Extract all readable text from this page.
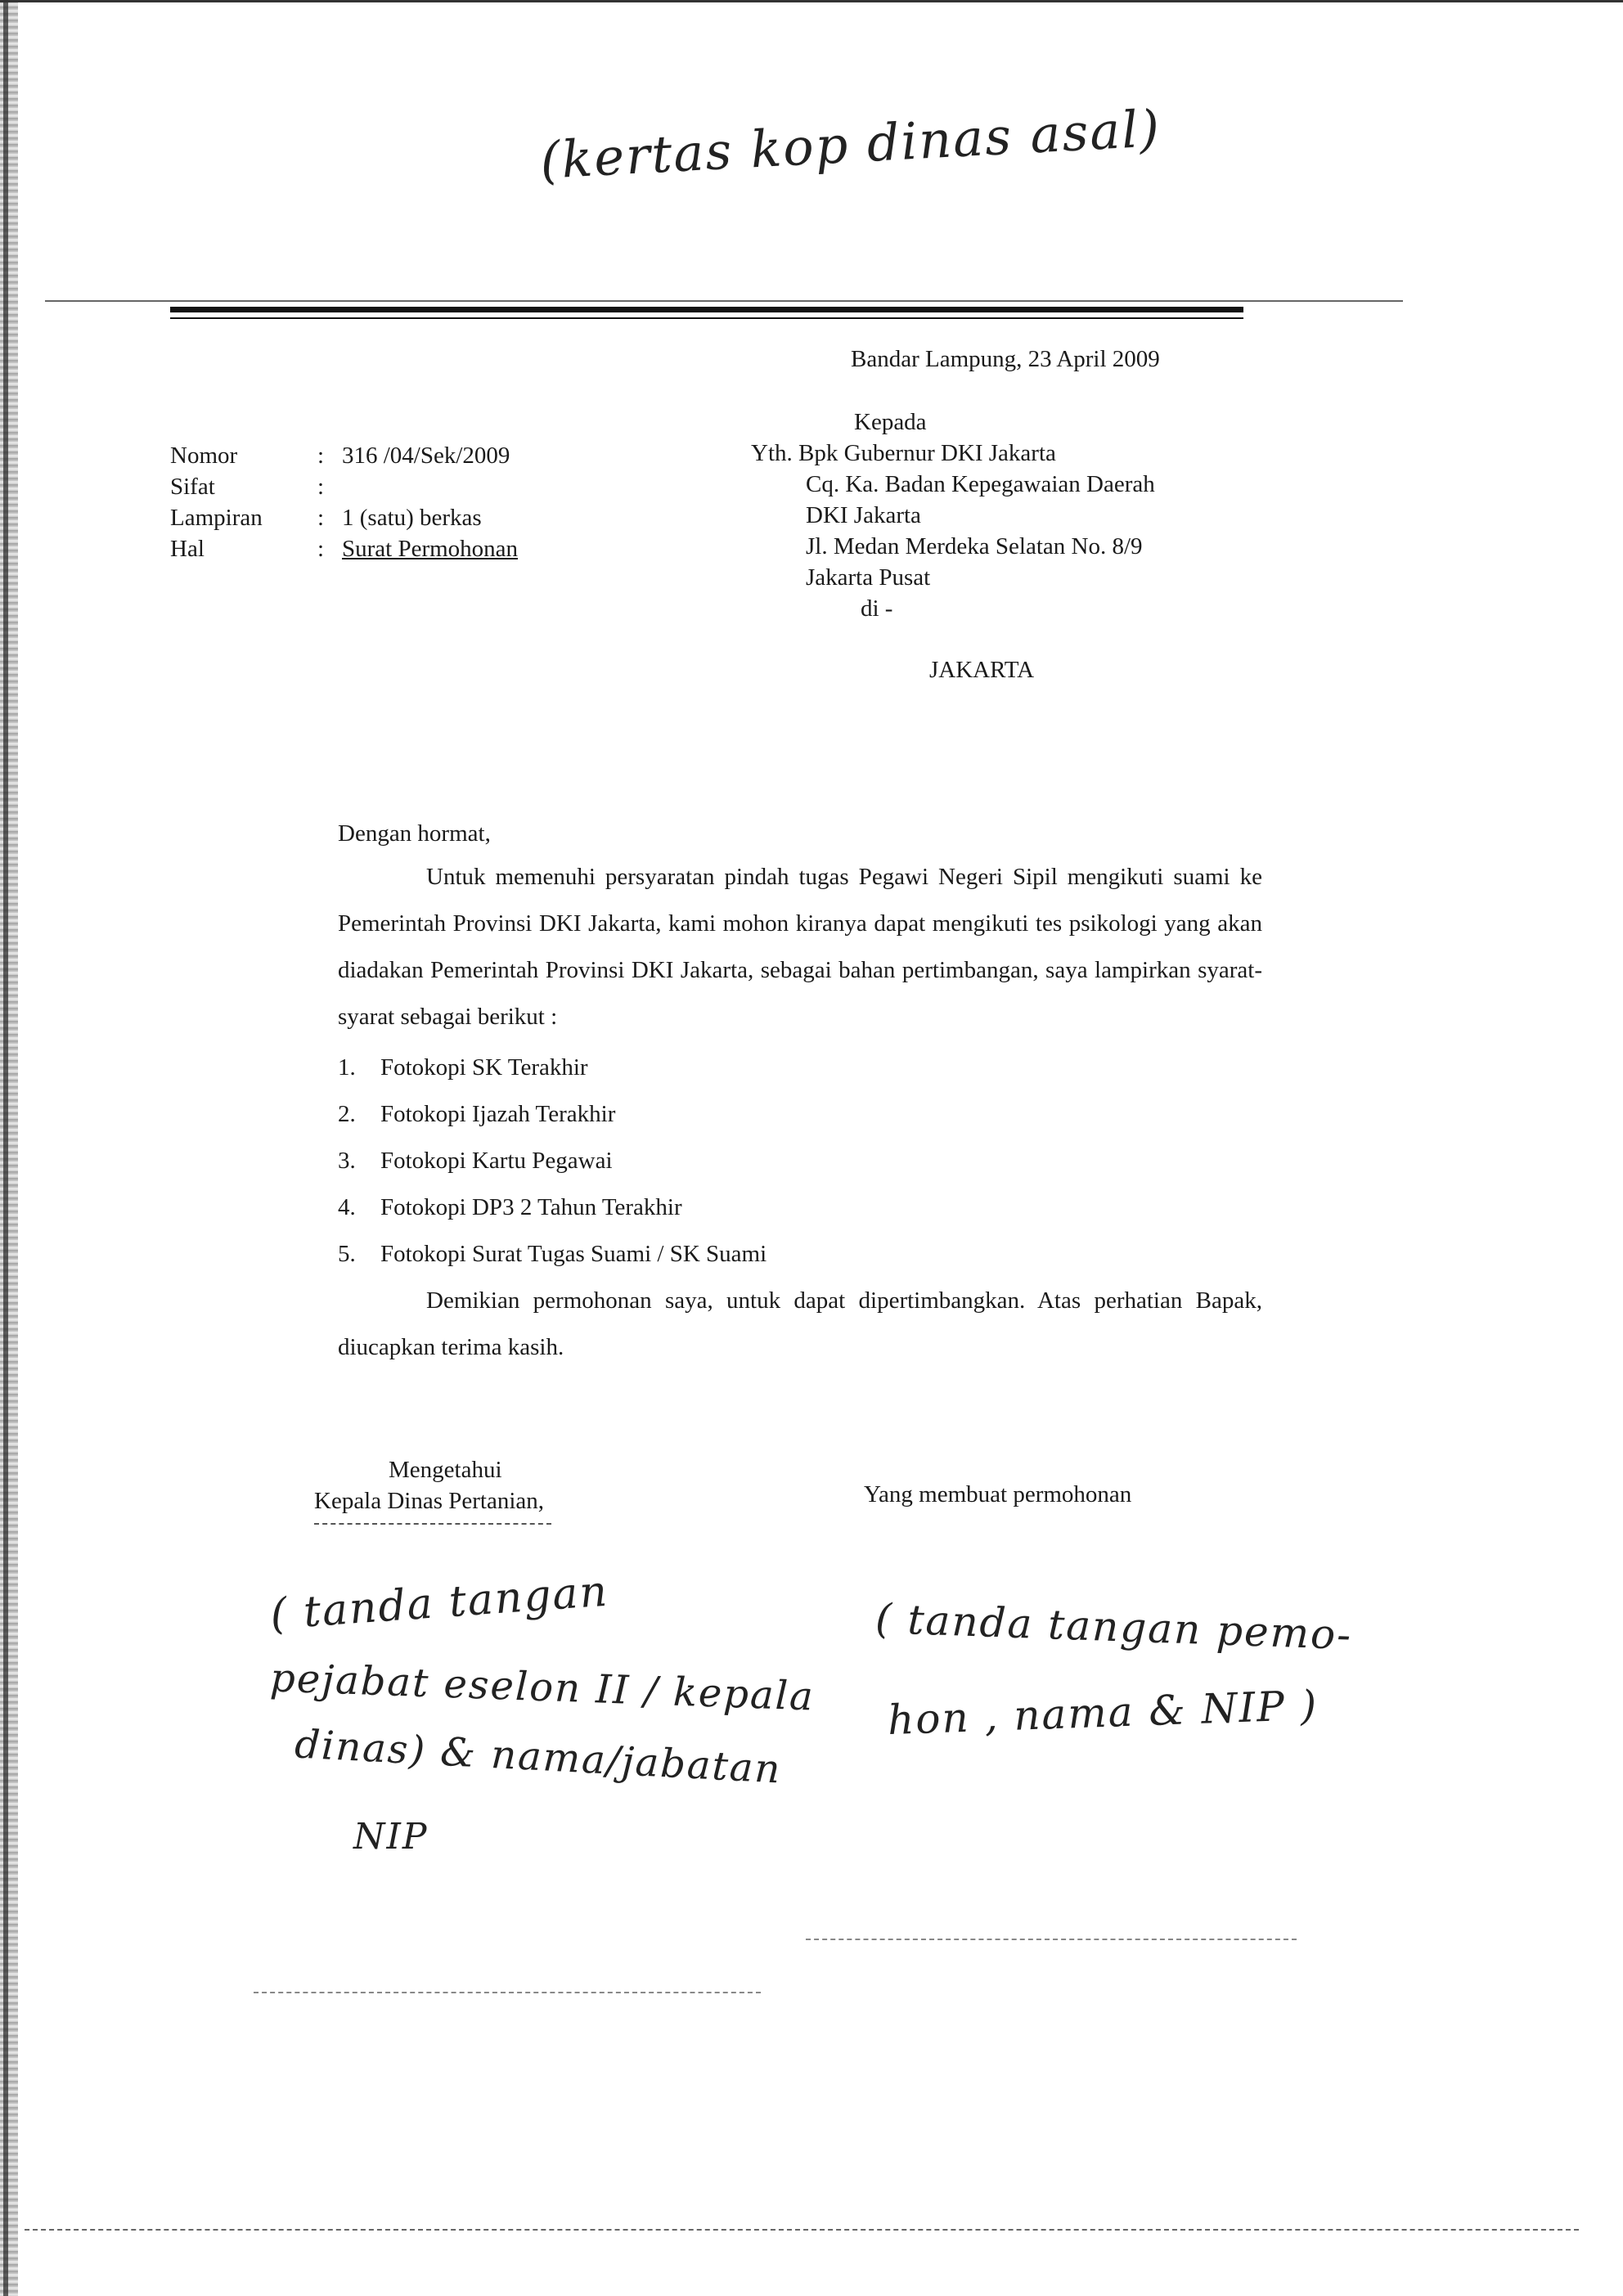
(kertas kop dinas asal)
Bandar Lampung, 23 April 2009
Kepada
Yth. Bpk Gubernur DKI Jakarta
Cq. Ka. Badan Kepegawaian Daerah
DKI Jakarta
Jl. Medan Merdeka Selatan No. 8/9
Jakarta Pusat
di -
JAKARTA
Nomor	: 316 /04/Sek/2009
Sifat	:
Lampiran : 1 (satu) berkas
Hal	: Surat Permohonan
Dengan hormat,
Untuk memenuhi persyaratan pindah tugas Pegawi Negeri Sipil mengikuti suami ke Pemerintah Provinsi DKI Jakarta, kami mohon kiranya dapat mengikuti tes psikologi yang akan diadakan Pemerintah Provinsi DKI Jakarta, sebagai bahan pertimbangan, saya lampirkan syarat-syarat sebagai berikut :
1. Fotokopi SK Terakhir
2. Fotokopi Ijazah Terakhir
3. Fotokopi Kartu Pegawai
4. Fotokopi DP3 2 Tahun Terakhir
5. Fotokopi Surat Tugas Suami / SK Suami
Demikian permohonan saya, untuk dapat dipertimbangkan. Atas perhatian Bapak, diucapkan terima kasih.
Mengetahui
Kepala Dinas Pertanian,
( tanda tangan
pejabat eselon II / kepala
dinas) & nama/jabatan
NIP
Yang membuat permohonan
( tanda tangan pemo-
hon , nama & NIP )
